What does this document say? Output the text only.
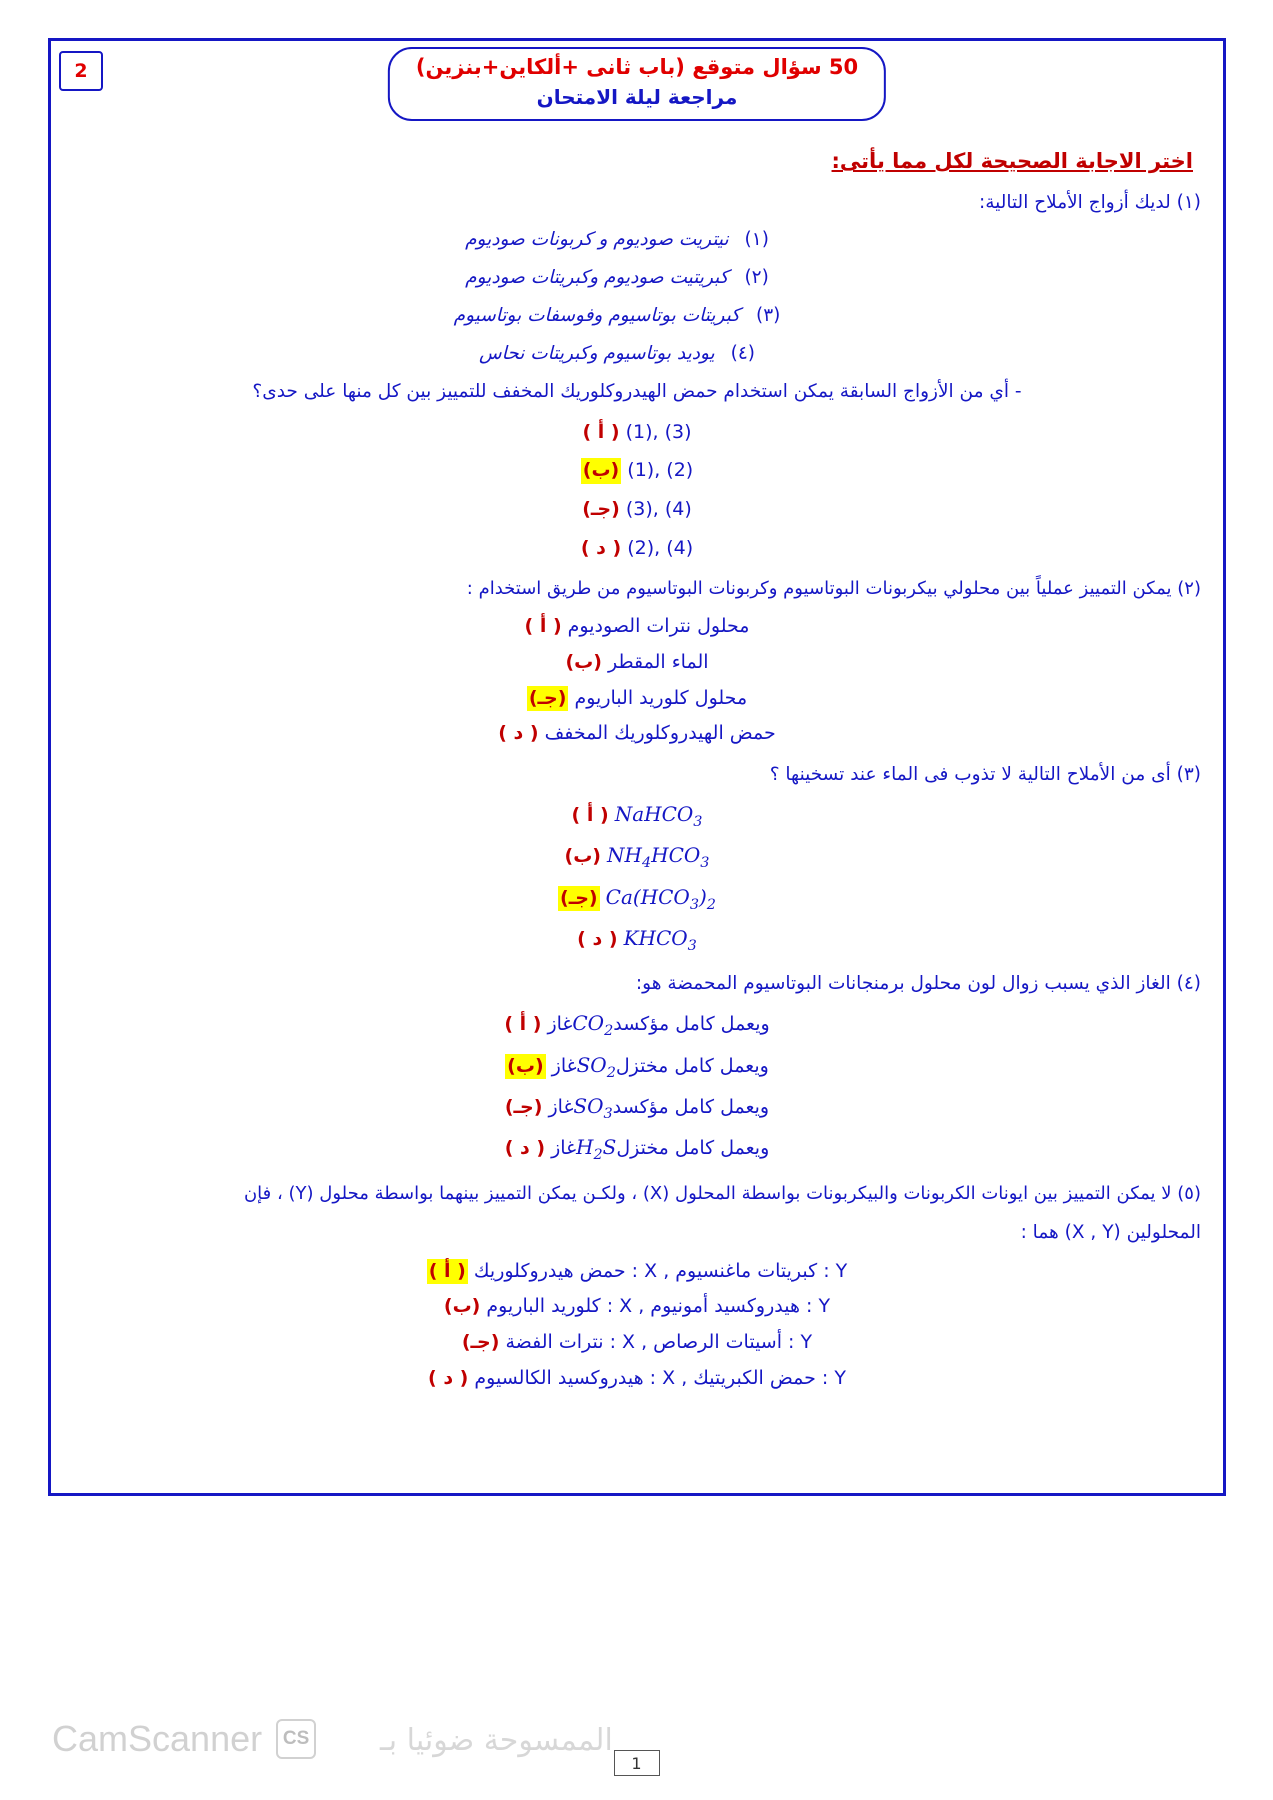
2	50 سؤال متوقع (باب ثانى +ألكاين+بنزين)
مراجعة ليلة الامتحان
اختر الاجابة الصحيحة لكل مما يأتى:
(١) لديك أزواج الأملاح التالية:
(١) نيتريت صوديوم و كربونات صوديوم
(٢) كبريتيت صوديوم وكبريتات صوديوم
(٣) كبريتات بوتاسيوم وفوسفات بوتاسيوم
(٤) يوديد بوتاسيوم وكبريتات نحاس
- أي من الأزواج السابقة يمكن استخدام حمض الهيدروكلوريك المخفف للتمييز بين كل منها على حدى؟
(3) ,(1) ( أ )
(2) ,(1) (ب)
(4) ,(3) (جـ)
(4) ,(2) ( د )
(٢) يمكن التمييز عملياً بين محلولي بيكربونات البوتاسيوم وكربونات البوتاسيوم من طريق استخدام :
محلول نترات الصوديوم ( أ )
الماء المقطر (ب)
محلول كلوريد الباريوم (جـ)
حمض الهيدروكلوريك المخفف ( د )
(٣) أى من الأملاح التالية لا تذوب فى الماء عند تسخينها ؟
NaHCO$_3$ ( أ )
$NH_4HCO_3$ (ب)
$Ca(HCO_3)_2$ (جـ)
$KHCO_3$ ( د )
(٤) الغاز الذي يسبب زوال لون محلول برمنجانات البوتاسيوم المحمضة هو:
ويعمل كامل مؤكسدCO$_2$غاز ( أ )
ويعمل كامل مختزلSO$_2$غاز (ب)
ويعمل كامل مؤكسدSO$_3$غاز (جـ)
ويعمل كامل مختزلH$_2$Sغاز ( د )
(٥) لا يمكن التمييز بين ايونات الكربونات والبيكربونات بواسطة المحلول (X) ، ولكـن يمكن التمييز بينهما بواسطة محلول (Y) ، فإن
المحلولين (X , Y) هما :
Y : كبريتات ماغنسيوم , X : حمض هيدروكلوريك ( أ )
Y : هيدروكسيد أمونيوم , X : كلوريد الباريوم (ب)
Y : أسيتات الرصاص , X : نترات الفضة (جـ)
Y : حمض الكبريتيك , X : هيدروكسيد الكالسيوم ( د )
CS
CamScanner	الممسوحة ضوئيا بـ
1
